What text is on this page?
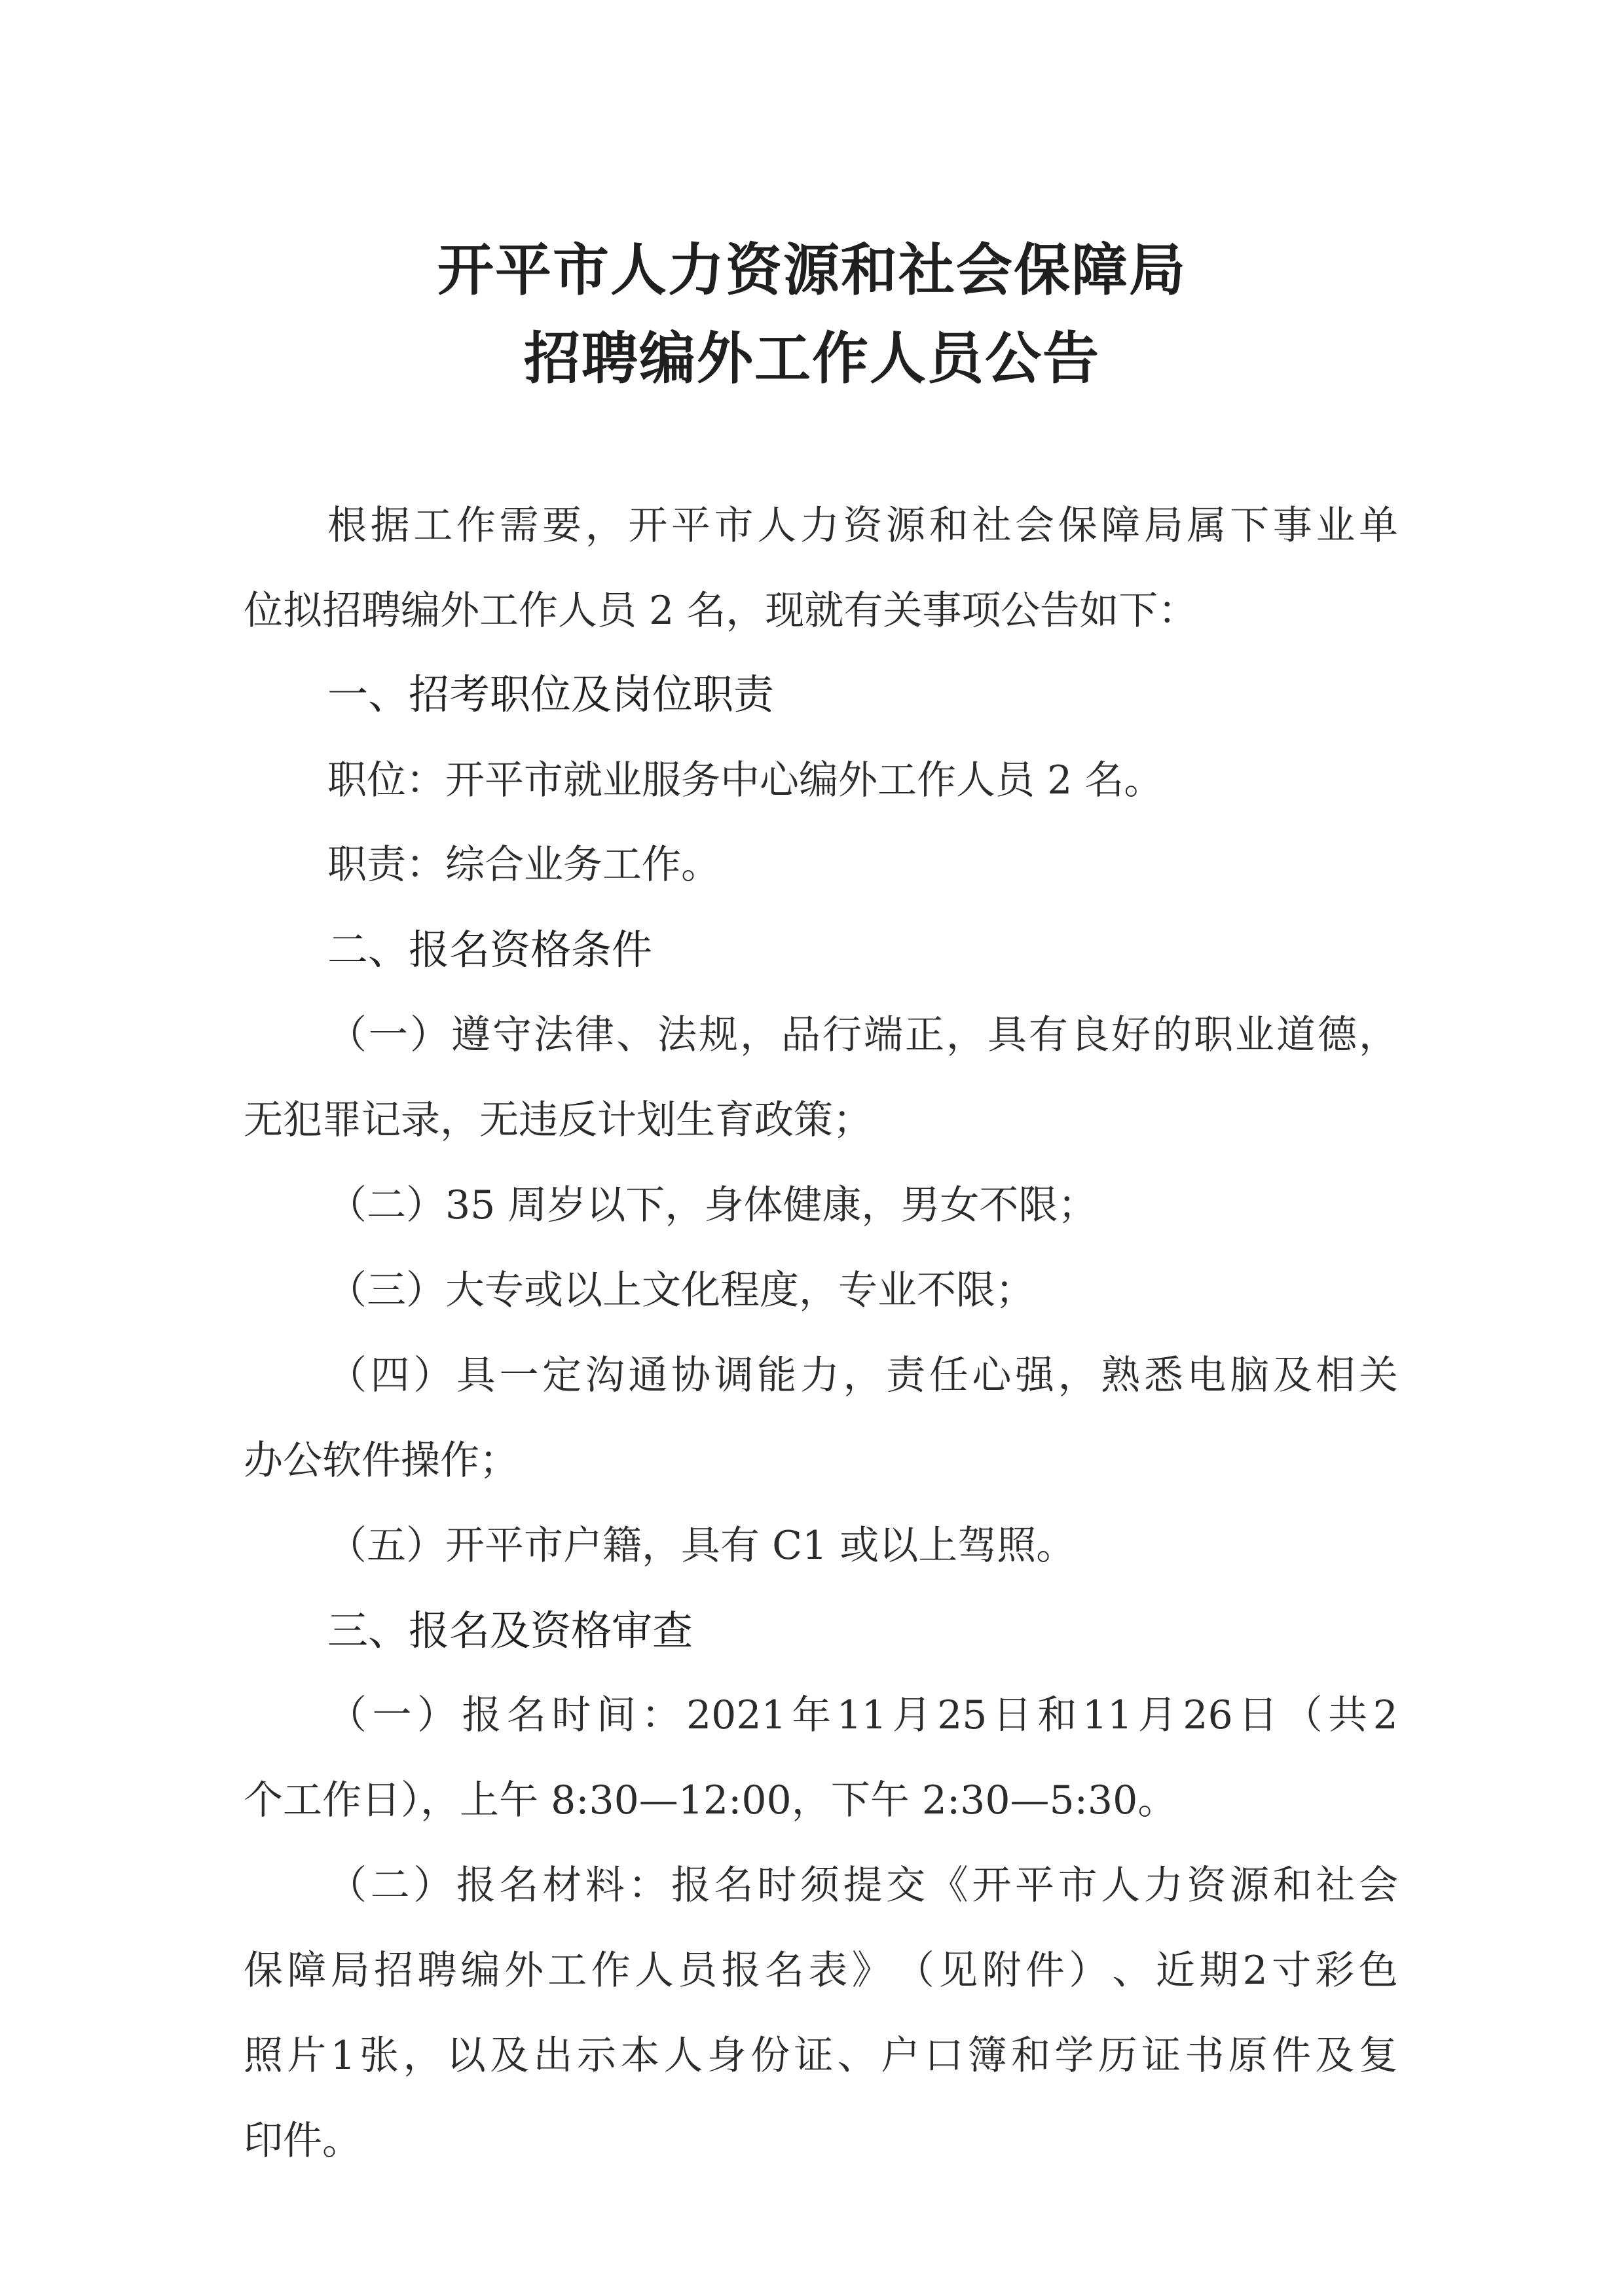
开平市人力资源和社会保障局
招聘编外工作人员公告
根 据 工 作 需 要 ， 开 平 市 人 力 资 源 和 社 会 保 障 局 属 下 事 业 单
位拟招聘编外工作人员 2 名，现就有关事项公告如下：
一、招考职位及岗位职责
职位：开平市就业服务中心编外工作人员 2 名。
职责：综合业务工作。
二、报名资格条件
（ 一 ） 遵 守 法 律 、 法 规 ， 品 行 端 正 ， 具 有 良 好 的 职 业 道 德 ，
无犯罪记录，无违反计划生育政策；
（二）35 周岁以下，身体健康，男女不限；
（三）大专或以上文化程度，专业不限；
（ 四 ） 具 一 定 沟 通 协 调 能 力 ， 责 任 心 强 ， 熟 悉 电 脑 及 相 关
办公软件操作；
（五）开平市户籍，具有 C1 或以上驾照。
三、报名及资格审查
（ 一 ） 报 名 时 间 ： 2021 年 11 月 25 日 和 11 月 26 日 （ 共 2
个工作日），上午 8:30—12:00，下午 2:30—5:30。
（ 二 ） 报 名 材 料 ： 报 名 时 须 提 交 《 开 平 市 人 力 资 源 和 社 会
保 障 局 招 聘 编 外 工 作 人 员 报 名 表 》 （ 见 附 件 ） 、 近 期 2 寸 彩 色
照 片 1 张 ， 以 及 出 示 本 人 身 份 证 、 户 口 簿 和 学 历 证 书 原 件 及 复
印件。
